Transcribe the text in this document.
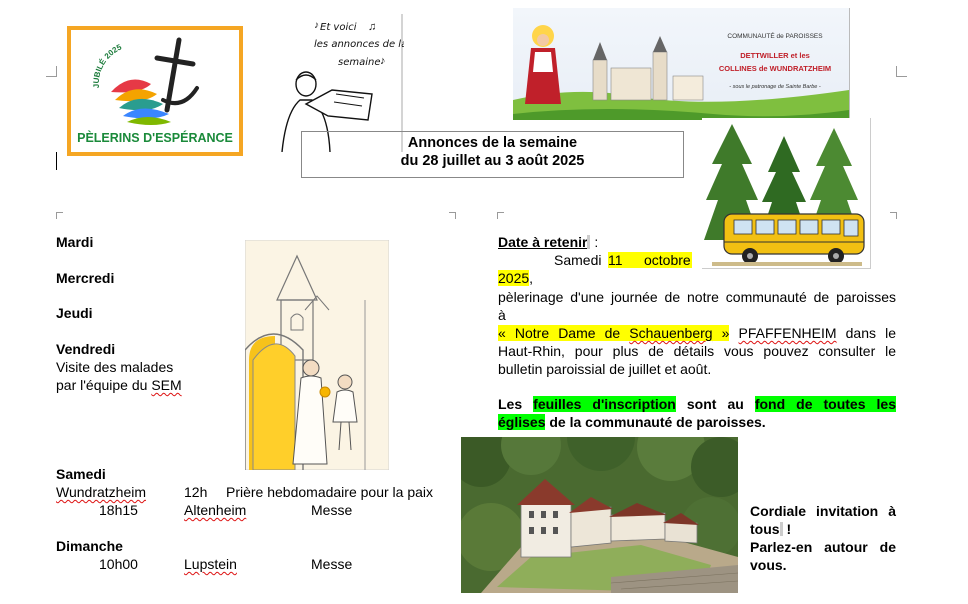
JUBILÉ 2025
PÈLERINS D'ESPÉRANCE
Et voici
les annonces de la
semaine
♪	♫
♪
COMMUNAUTÉ de PAROISSES
DETTWILLER et les
COLLINES de WUNDRATZHEIM
- sous le patronage de Sainte Barbe -
Annonces de la semaine
du 28 juillet au 3 août 2025
Mardi
Mercredi
Jeudi
Vendredi
Visite des malades
par l'équipe du SEM
Samedi
Wundratzheim	12h Prière hebdomadaire pour la paix
18h15	Altenheim	Messe
Dimanche
10h00	Lupstein	Messe
Date à retenir :
Samedi 11 octobre

2025,
pèlerinage d'une journée de notre communauté de paroisses
à
« Notre Dame de Schauenberg » PFAFFENHEIM dans le
Haut-Rhin, pour plus de détails vous pouvez consulter le
bulletin paroissial de juillet et août.
Les feuilles d'inscription sont au fond de toutes les
églises de la communauté de paroisses.
Cordiale invitation à
tous !
Parlez-en autour de
vous.
